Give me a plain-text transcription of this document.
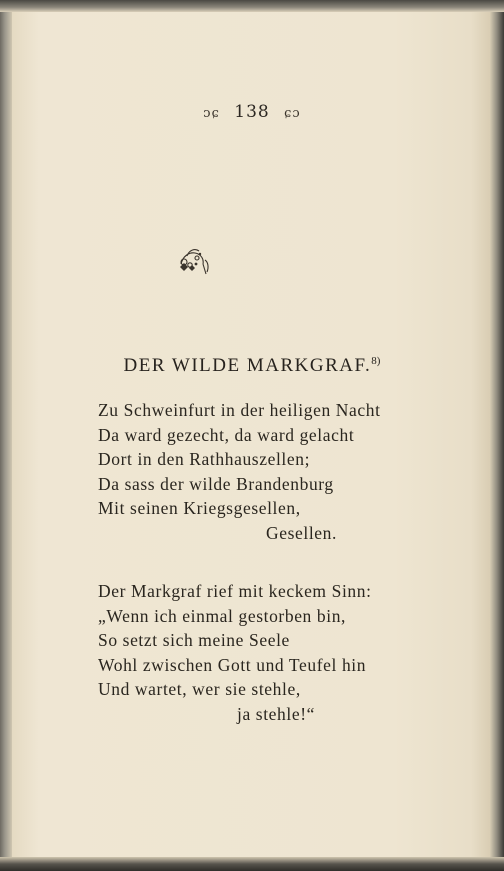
ᴐɕ 138 ɕɔ
DER WILDE MARKGRAF.$^{8)}$
Zu Schweinfurt in der heiligen Nacht
Da ward gezecht, da ward gelacht
Dort in den Rathhauszellen;
Da sass der wilde Brandenburg
Mit seinen Kriegsgesellen,
Gesellen.
Der Markgraf rief mit keckem Sinn:
„Wenn ich einmal gestorben bin,
So setzt sich meine Seele
Wohl zwischen Gott und Teufel hin
Und wartet, wer sie stehle,
ja stehle!“
